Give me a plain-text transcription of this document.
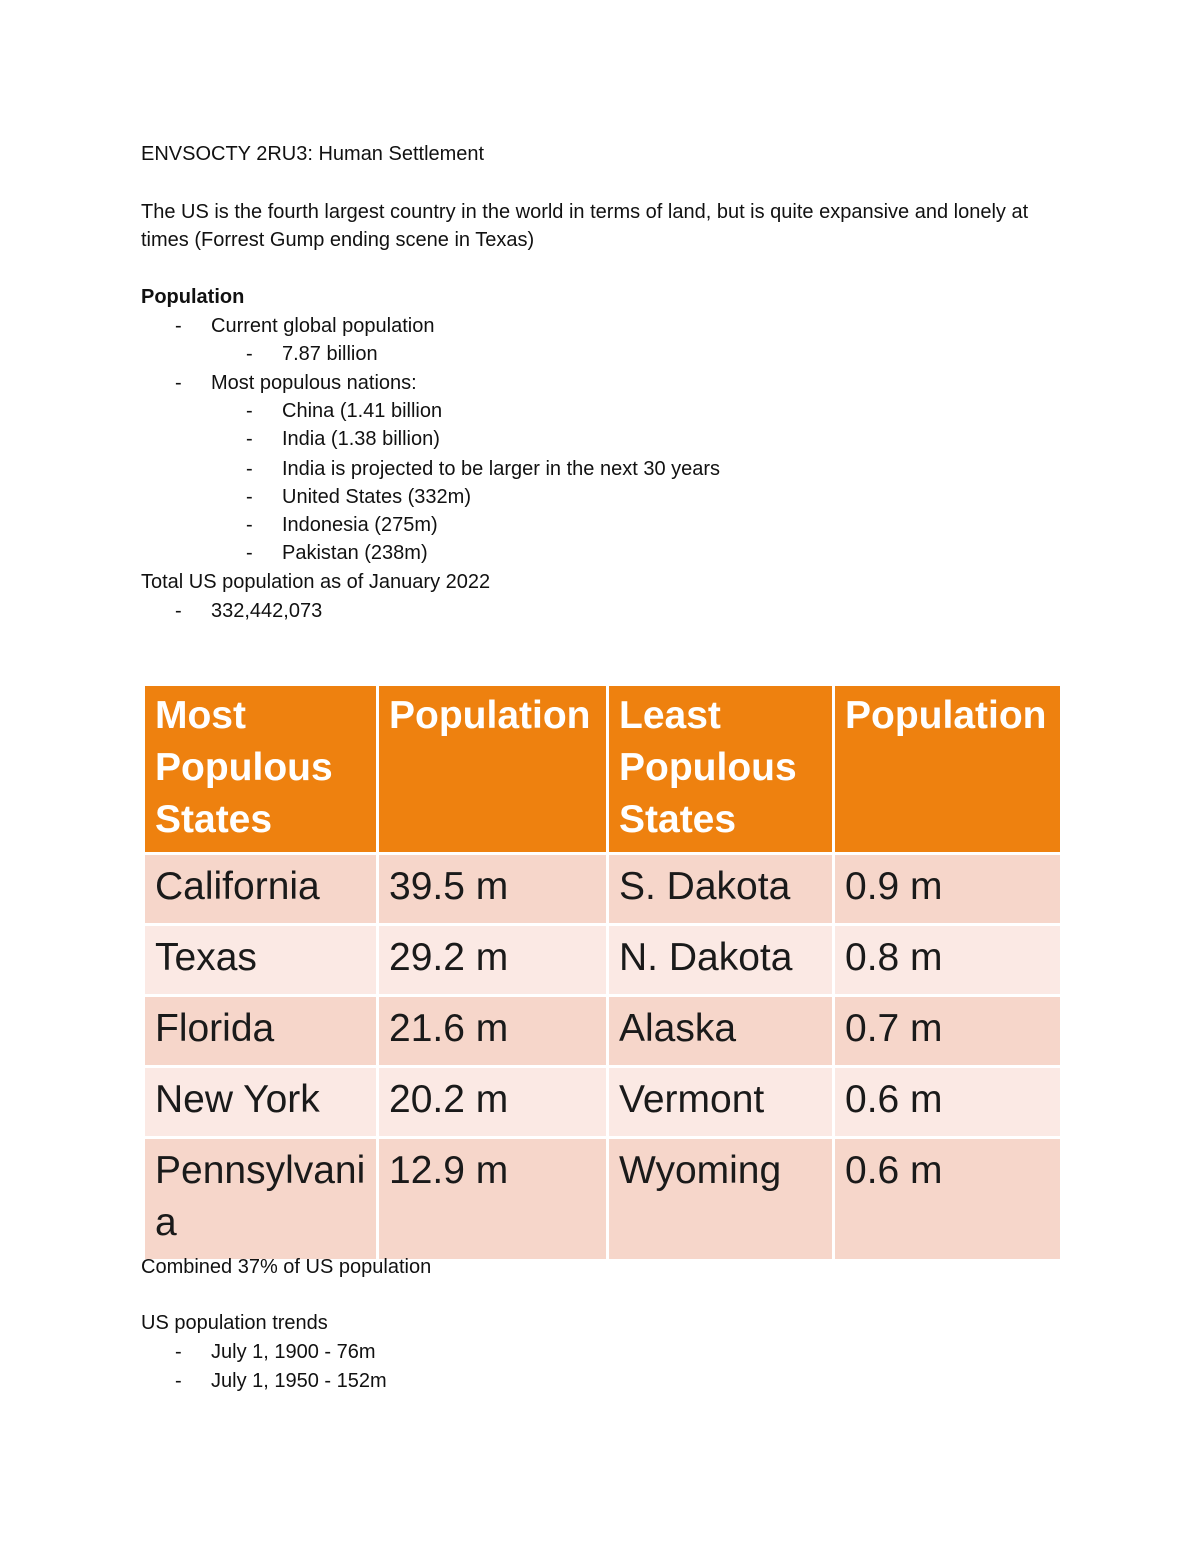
ENVSOCTY 2RU3: Human Settlement
The US is the fourth largest country in the world in terms of land, but is quite expansive and lonely at times (Forrest Gump ending scene in Texas)
Population
- Current global population
- 7.87 billion
- Most populous nations:
- China (1.41 billion
- India (1.38 billion)
- India is projected to be larger in the next 30 years
- United States (332m)
- Indonesia (275m)
- Pakistan (238m)
Total US population as of January 2022
- 332,442,073
Most Populous States	Population	Least Populous States	Population
California	39.5 m	S. Dakota	0.9 m
Texas	29.2 m	N. Dakota	0.8 m
Florida	21.6 m	Alaska	0.7 m
New York	20.2 m	Vermont	0.6 m
Pennsylvania	12.9 m	Wyoming	0.6 m
Combined 37% of US population
US population trends
- July 1, 1900 - 76m
- July 1, 1950 - 152m
